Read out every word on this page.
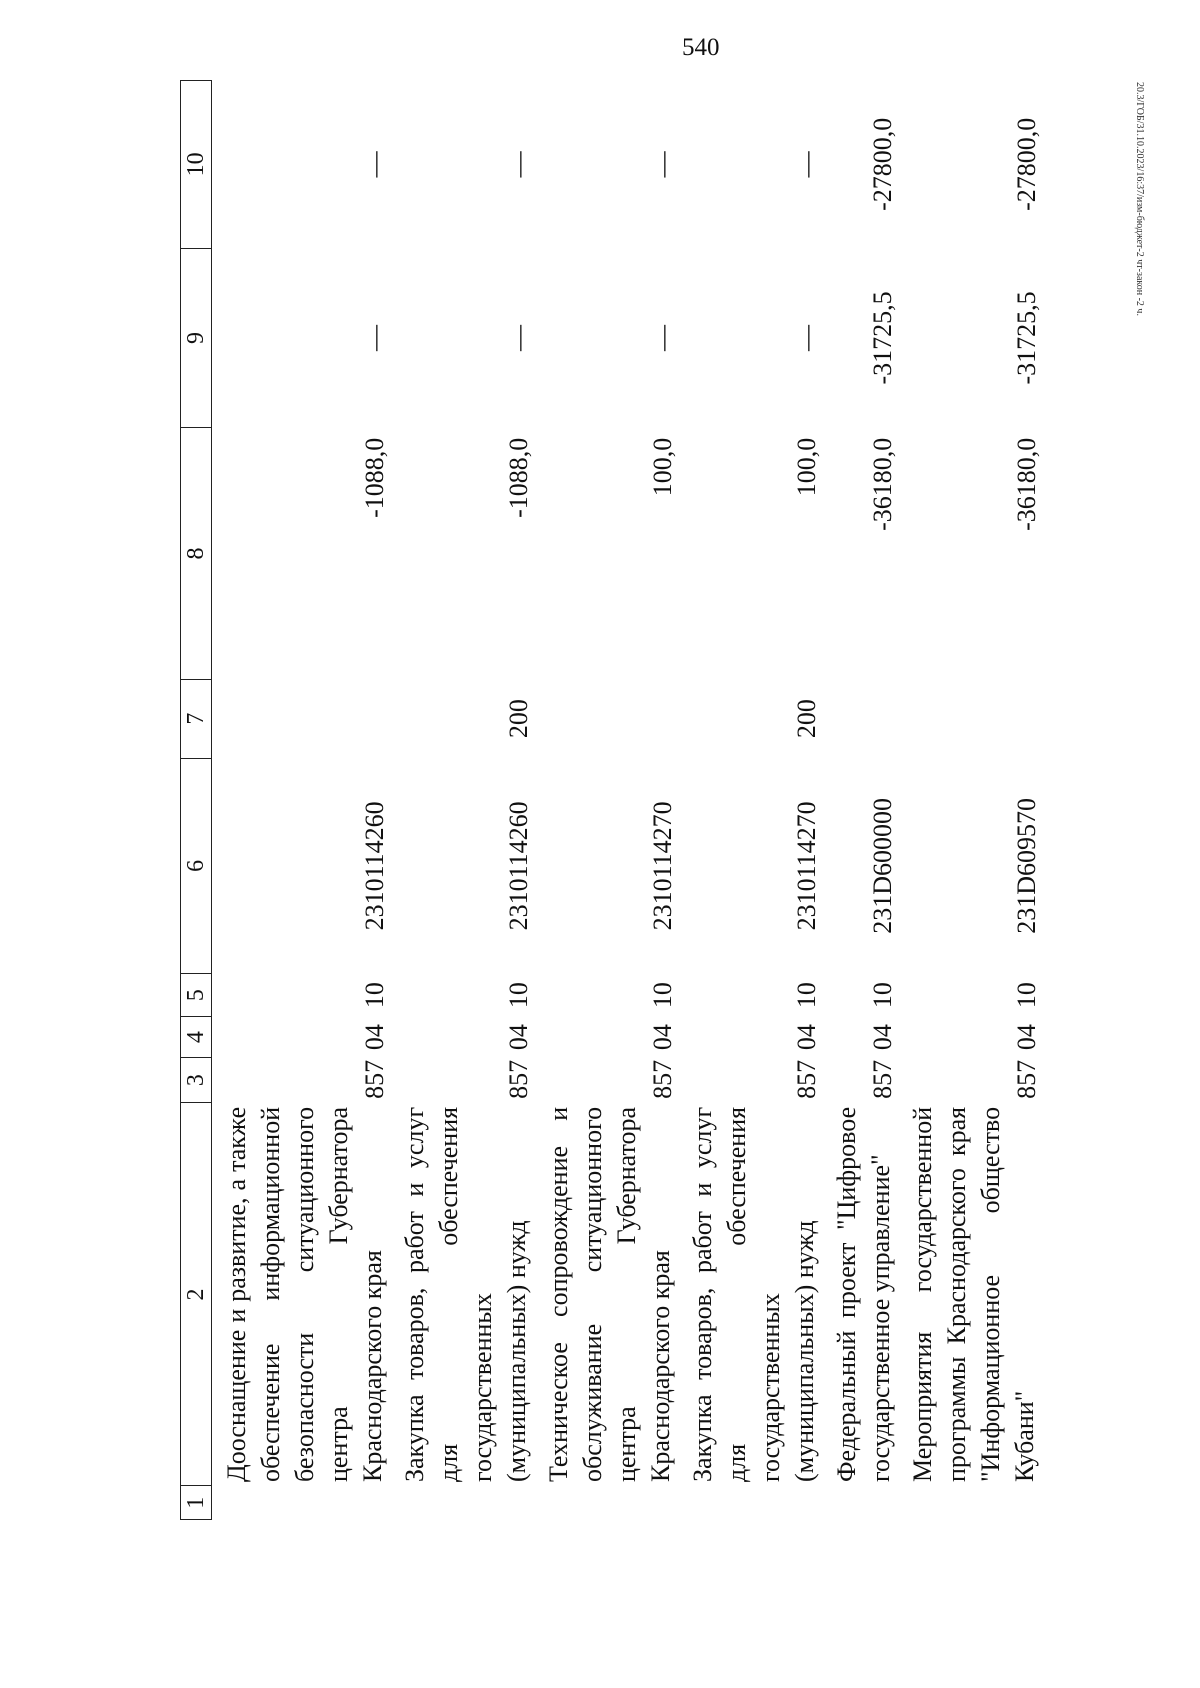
540
20.3/ГОБ/31.10.2023/16:37/изм-бюджет-2 чт-закон -2 ч.
1	2	3	4	5	6	7	8	9	10
	Дооснащение и развитие, а также обеспечение информационной безопасности ситуационного центра Губернатора Краснодарского края	857	04	10	2310114260		-1088,0	—	—
	Закупка товаров, работ и услуг для обеспечения государственных (муниципальных) нужд	857	04	10	2310114260	200	-1088,0	—	—
	Техническое сопровождение и обслуживание ситуационного центра Губернатора Краснодарского края	857	04	10	2310114270		100,0	—	—
	Закупка товаров, работ и услуг для обеспечения государственных (муниципальных) нужд	857	04	10	2310114270	200	100,0	—	—
	Федеральный проект "Цифровое государственное управление"	857	04	10	231D600000		-36180,0	-31725,5	-27800,0
	Мероприятия государственной программы Краснодарского края "Информационное общество Кубани"	857	04	10	231D609570		-36180,0	-31725,5	-27800,0
